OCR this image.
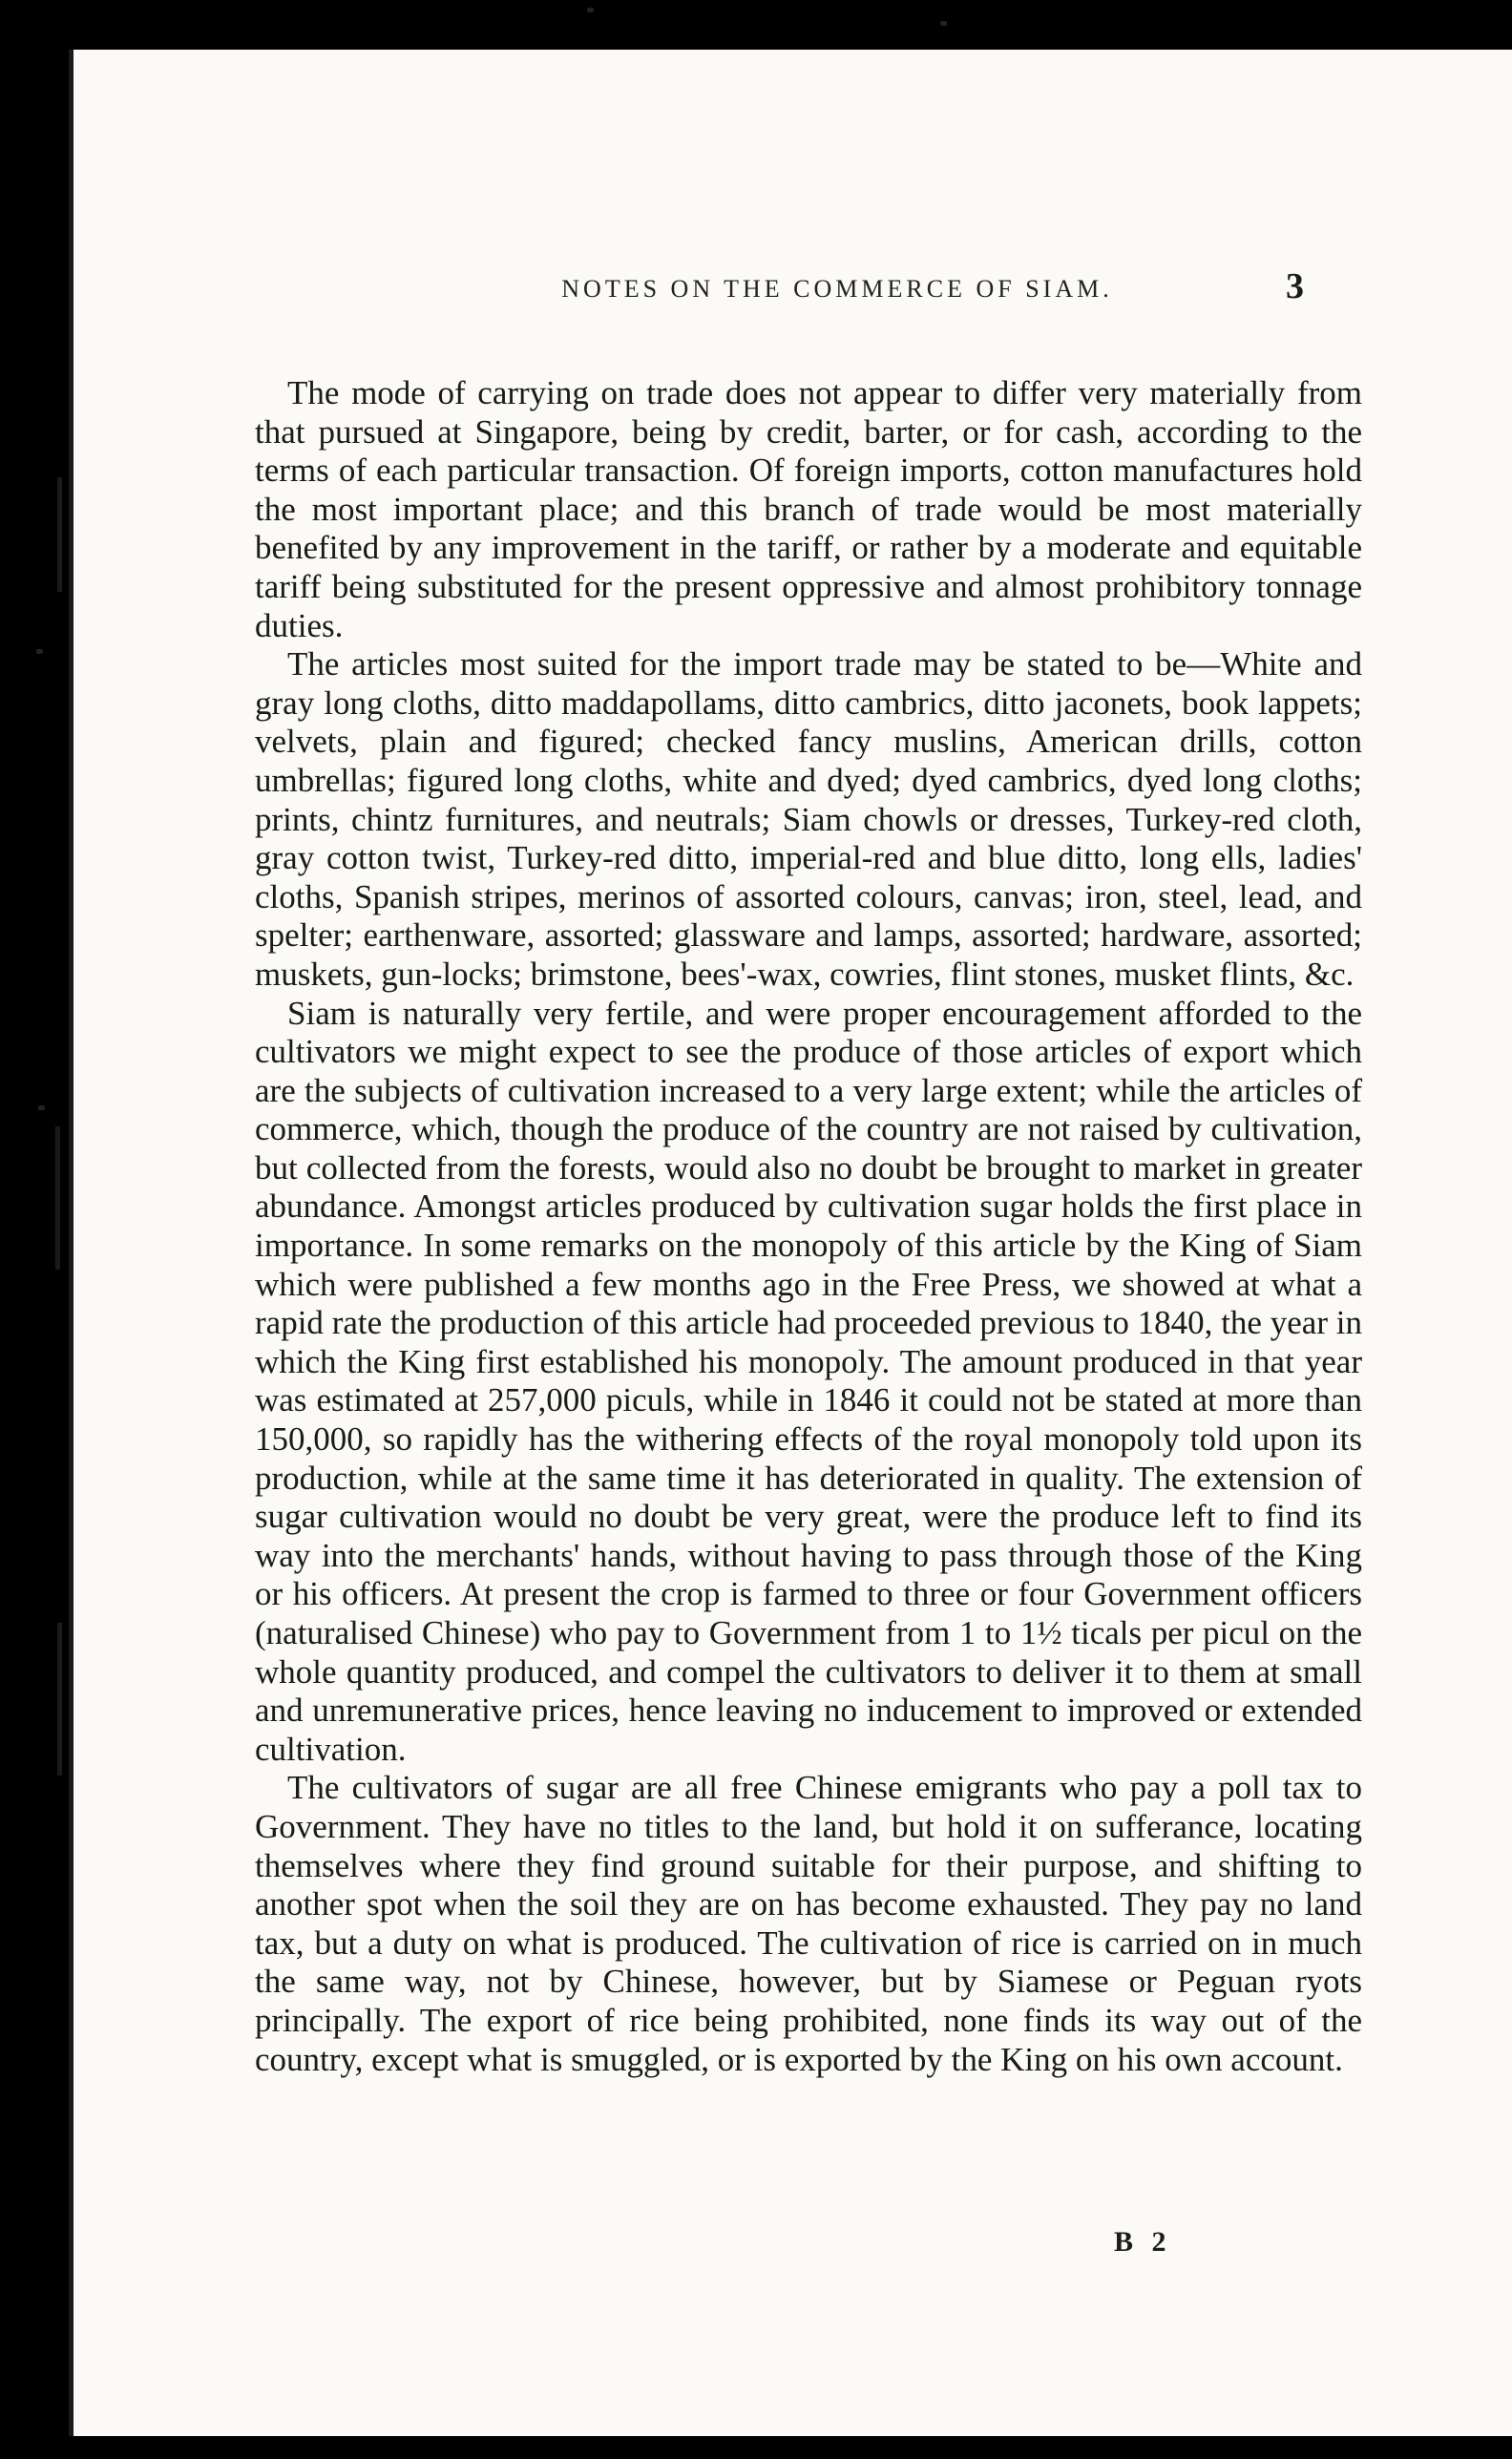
NOTES ON THE COMMERCE OF SIAM.	3

The mode of carrying on trade does not appear to differ very materially from that pursued at Singapore, being by credit, barter, or for cash, according to the terms of each particular transaction. Of foreign imports, cotton manufactures hold the most important place; and this branch of trade would be most materially benefited by any improvement in the tariff, or rather by a moderate and equitable tariff being substituted for the present oppressive and almost prohibitory tonnage duties.

The articles most suited for the import trade may be stated to be—White and gray long cloths, ditto maddapollams, ditto cambrics, ditto jaconets, book lappets; velvets, plain and figured; checked fancy muslins, American drills, cotton umbrellas; figured long cloths, white and dyed; dyed cambrics, dyed long cloths; prints, chintz furnitures, and neutrals; Siam chowls or dresses, Turkey-red cloth, gray cotton twist, Turkey-red ditto, imperial-red and blue ditto, long ells, ladies' cloths, Spanish stripes, merinos of assorted colours, canvas; iron, steel, lead, and spelter; earthenware, assorted; glassware and lamps, assorted; hardware, assorted; muskets, gun-locks; brimstone, bees'-wax, cowries, flint stones, musket flints, &c.

Siam is naturally very fertile, and were proper encouragement afforded to the cultivators we might expect to see the produce of those articles of export which are the subjects of cultivation increased to a very large extent; while the articles of commerce, which, though the produce of the country are not raised by cultivation, but collected from the forests, would also no doubt be brought to market in greater abundance. Amongst articles produced by cultivation sugar holds the first place in importance. In some remarks on the monopoly of this article by the King of Siam which were published a few months ago in the Free Press, we showed at what a rapid rate the production of this article had proceeded previous to 1840, the year in which the King first established his monopoly. The amount produced in that year was estimated at 257,000 piculs, while in 1846 it could not be stated at more than 150,000, so rapidly has the withering effects of the royal monopoly told upon its production, while at the same time it has deteriorated in quality. The extension of sugar cultivation would no doubt be very great, were the produce left to find its way into the merchants' hands, without having to pass through those of the King or his officers. At present the crop is farmed to three or four Government officers (naturalised Chinese) who pay to Government from 1 to 1½ ticals per picul on the whole quantity produced, and compel the cultivators to deliver it to them at small and unremunerative prices, hence leaving no inducement to improved or extended cultivation.

The cultivators of sugar are all free Chinese emigrants who pay a poll tax to Government. They have no titles to the land, but hold it on sufferance, locating themselves where they find ground suitable for their purpose, and shifting to another spot when the soil they are on has become exhausted. They pay no land tax, but a duty on what is produced. The cultivation of rice is carried on in much the same way, not by Chinese, however, but by Siamese or Peguan ryots principally. The export of rice being prohibited, none finds its way out of the country, except what is smuggled, or is exported by the King on his own account.

B 2
